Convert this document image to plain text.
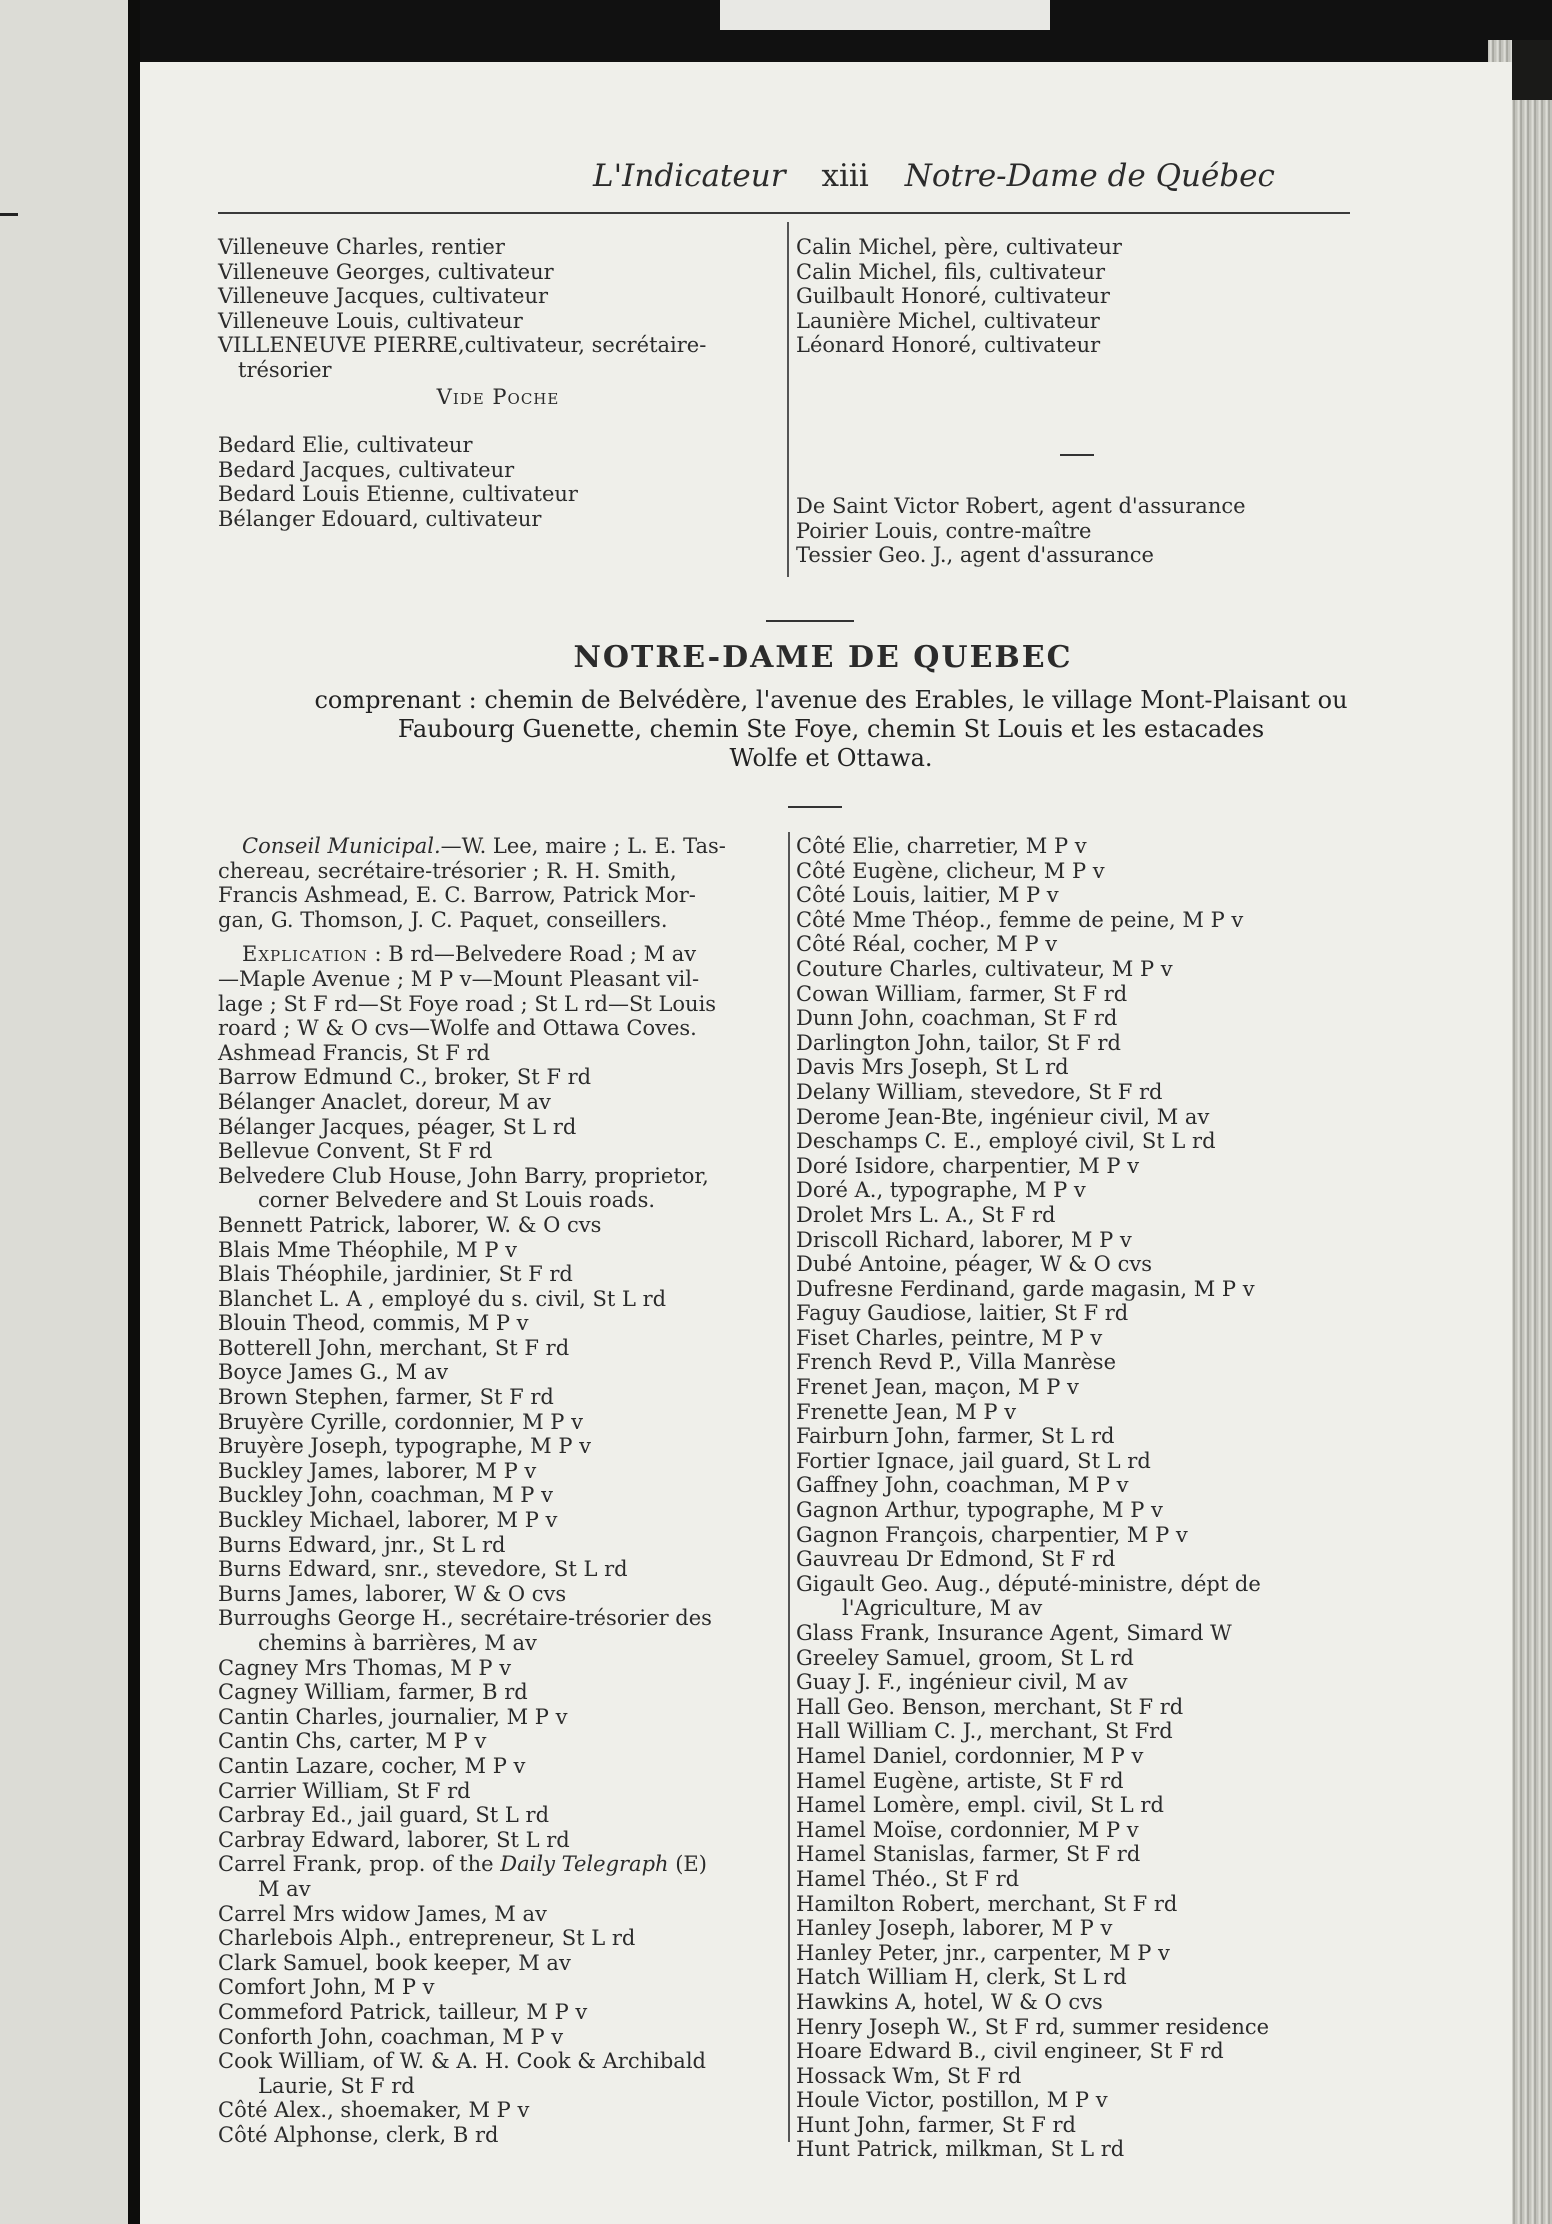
L'Indicateur xiii Notre-Dame de Québec
Villeneuve Charles, rentier
Villeneuve Georges, cultivateur
Villeneuve Jacques, cultivateur
Villeneuve Louis, cultivateur
VILLENEUVE PIERRE,cultivateur, secrétaire-
trésorier
Vide Poche
Bedard Elie, cultivateur
Bedard Jacques, cultivateur
Bedard Louis Etienne, cultivateur
Bélanger Edouard, cultivateur
Calin Michel, père, cultivateur
Calin Michel, fils, cultivateur
Guilbault Honoré, cultivateur
Launière Michel, cultivateur
Léonard Honoré, cultivateur
De Saint Victor Robert, agent d'assurance
Poirier Louis, contre-maître
Tessier Geo. J., agent d'assurance
NOTRE-DAME DE QUEBEC
comprenant : chemin de Belvédère, l'avenue des Erables, le village Mont-Plaisant ou
Faubourg Guenette, chemin Ste Foye, chemin St Louis et les estacades
Wolfe et Ottawa.
Conseil Municipal.—W. Lee, maire ; L. E. Tas-
chereau, secrétaire-trésorier ; R. H. Smith,
Francis Ashmead, E. C. Barrow, Patrick Mor-
gan, G. Thomson, J. C. Paquet, conseillers.
Explication : B rd—Belvedere Road ; M av
—Maple Avenue ; M P v—Mount Pleasant vil-
lage ; St F rd—St Foye road ; St L rd—St Louis
roard ; W & O cvs—Wolfe and Ottawa Coves.
Ashmead Francis, St F rd
Barrow Edmund C., broker, St F rd
Bélanger Anaclet, doreur, M av
Bélanger Jacques, péager, St L rd
Bellevue Convent, St F rd
Belvedere Club House, John Barry, proprietor,
corner Belvedere and St Louis roads.
Bennett Patrick, laborer, W. & O cvs
Blais Mme Théophile, M P v
Blais Théophile, jardinier, St F rd
Blanchet L. A , employé du s. civil, St L rd
Blouin Theod, commis, M P v
Botterell John, merchant, St F rd
Boyce James G., M av
Brown Stephen, farmer, St F rd
Bruyère Cyrille, cordonnier, M P v
Bruyère Joseph, typographe, M P v
Buckley James, laborer, M P v
Buckley John, coachman, M P v
Buckley Michael, laborer, M P v
Burns Edward, jnr., St L rd
Burns Edward, snr., stevedore, St L rd
Burns James, laborer, W & O cvs
Burroughs George H., secrétaire-trésorier des
chemins à barrières, M av
Cagney Mrs Thomas, M P v
Cagney William, farmer, B rd
Cantin Charles, journalier, M P v
Cantin Chs, carter, M P v
Cantin Lazare, cocher, M P v
Carrier William, St F rd
Carbray Ed., jail guard, St L rd
Carbray Edward, laborer, St L rd
Carrel Frank, prop. of the Daily Telegraph (E)
M av
Carrel Mrs widow James, M av
Charlebois Alph., entrepreneur, St L rd
Clark Samuel, book keeper, M av
Comfort John, M P v
Commeford Patrick, tailleur, M P v
Conforth John, coachman, M P v
Cook William, of W. & A. H. Cook & Archibald
Laurie, St F rd
Côté Alex., shoemaker, M P v
Côté Alphonse, clerk, B rd
Côté Elie, charretier, M P v
Côté Eugène, clicheur, M P v
Côté Louis, laitier, M P v
Côté Mme Théop., femme de peine, M P v
Côté Réal, cocher, M P v
Couture Charles, cultivateur, M P v
Cowan William, farmer, St F rd
Dunn John, coachman, St F rd
Darlington John, tailor, St F rd
Davis Mrs Joseph, St L rd
Delany William, stevedore, St F rd
Derome Jean-Bte, ingénieur civil, M av
Deschamps C. E., employé civil, St L rd
Doré Isidore, charpentier, M P v
Doré A., typographe, M P v
Drolet Mrs L. A., St F rd
Driscoll Richard, laborer, M P v
Dubé Antoine, péager, W & O cvs
Dufresne Ferdinand, garde magasin, M P v
Faguy Gaudiose, laitier, St F rd
Fiset Charles, peintre, M P v
French Revd P., Villa Manrèse
Frenet Jean, maçon, M P v
Frenette Jean, M P v
Fairburn John, farmer, St L rd
Fortier Ignace, jail guard, St L rd
Gaffney John, coachman, M P v
Gagnon Arthur, typographe, M P v
Gagnon François, charpentier, M P v
Gauvreau Dr Edmond, St F rd
Gigault Geo. Aug., député-ministre, dépt de
l'Agriculture, M av
Glass Frank, Insurance Agent, Simard W
Greeley Samuel, groom, St L rd
Guay J. F., ingénieur civil, M av
Hall Geo. Benson, merchant, St F rd
Hall William C. J., merchant, St Frd
Hamel Daniel, cordonnier, M P v
Hamel Eugène, artiste, St F rd
Hamel Lomère, empl. civil, St L rd
Hamel Moïse, cordonnier, M P v
Hamel Stanislas, farmer, St F rd
Hamel Théo., St F rd
Hamilton Robert, merchant, St F rd
Hanley Joseph, laborer, M P v
Hanley Peter, jnr., carpenter, M P v
Hatch William H, clerk, St L rd
Hawkins A, hotel, W & O cvs
Henry Joseph W., St F rd, summer residence
Hoare Edward B., civil engineer, St F rd
Hossack Wm, St F rd
Houle Victor, postillon, M P v
Hunt John, farmer, St F rd
Hunt Patrick, milkman, St L rd
